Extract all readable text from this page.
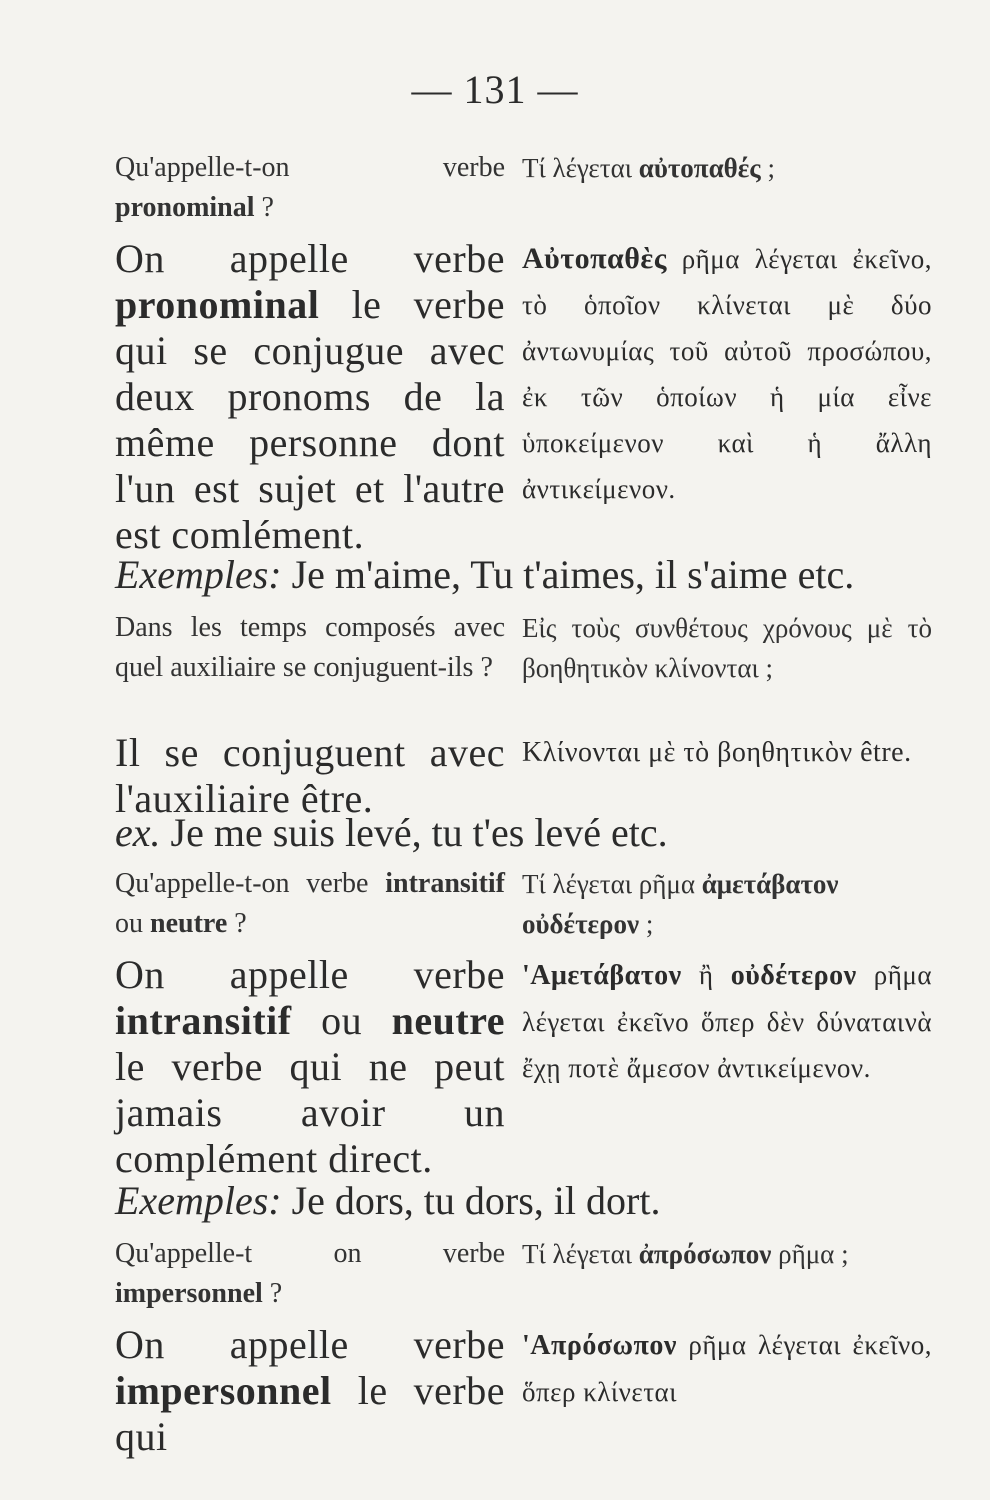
— 131 —
Qu'appelle-t-on verbe pronominal ?
Τί λέγεται αὐτοπαθές ;
On appelle verbe pronominal le verbe qui se conjugue avec deux pronoms de la même personne dont l'un est sujet et l'autre est comlément.
Αὐτοπαθὲς ρῆμα λέγεται ἐκεῖνο, τὸ ὁποῖον κλίνεται μὲ δύο ἀντωνυμίας τοῦ αὐτοῦ προσώπου, ἐκ τῶν ὁποίων ἡ μία εἶνε ὑποκείμενον καὶ ἡ ἄλλη ἀντικείμενον.
Exemples: Je m'aime, Tu t'aimes, il s'aime etc.
Dans les temps composés avec quel auxiliaire se conjuguent-ils ?
Εἰς τοὺς συνθέτους χρόνους μὲ τὸ βοηθητικὸν κλίνονται ;
Il se conjuguent avec l'auxiliaire être.
Κλίνονται μὲ τὸ βοηθητικὸν être.
ex. Je me suis levé, tu t'es levé etc.
Qu'appelle-t-on verbe intransitif ou neutre ?
Τί λέγεται ρῆμα ἀμετάβατον οὐδέτερον ;
On appelle verbe intransitif ou neutre le verbe qui ne peut jamais avoir un complément direct.
'Αμετάβατον ἢ οὐδέτερον ρῆμα λέγεται ἐκεῖνο ὅπερ δὲν δύναταινὰ ἔχῃ ποτὲ ἄμεσον ἀντικείμενον.
Exemples: Je dors, tu dors, il dort.
Qu'appelle-t on verbe impersonnel ?
Τί λέγεται ἀπρόσωπον ρῆμα ;
On appelle verbe impersonnel le verbe qui
'Απρόσωπον ρῆμα λέγεται ἐκεῖνο, ὅπερ κλίνεται
